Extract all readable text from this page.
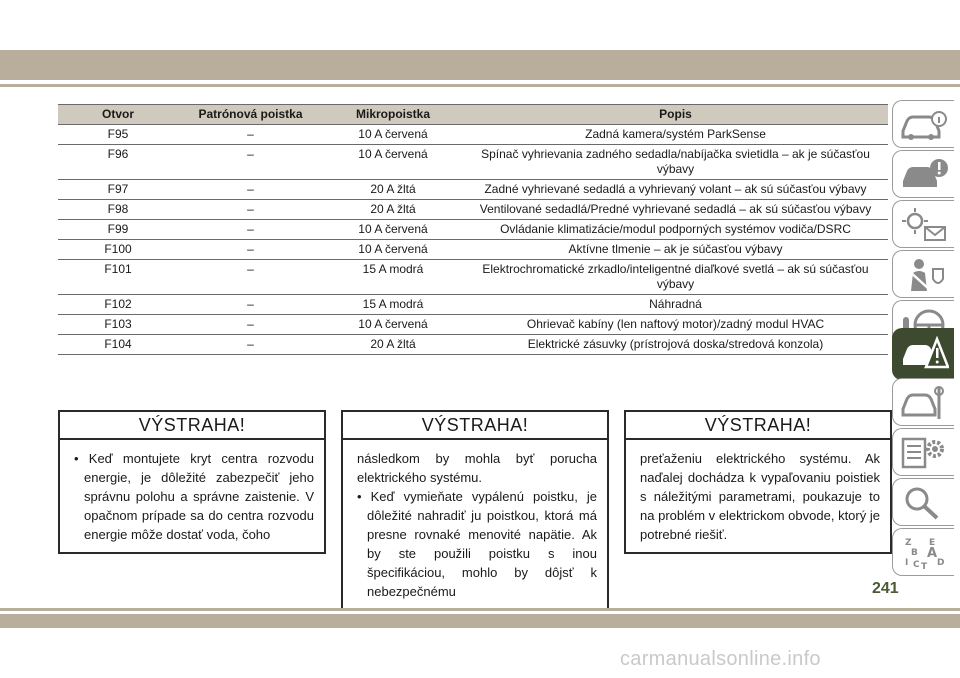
Otvor	Patrónová poistka	Mikropoistka	Popis
F95	–	10 A červená	Zadná kamera/systém ParkSense
F96	–	10 A červená	Spínač vyhrievania zadného sedadla/nabíjačka svietidla – ak je súčasťou výbavy
F97	–	20 A žltá	Zadné vyhrievané sedadlá a vyhrievaný volant – ak sú súčasťou výbavy
F98	–	20 A žltá	Ventilované sedadlá/Predné vyhrievané sedadlá – ak sú súčasťou výbavy
F99	–	10 A červená	Ovládanie klimatizácie/modul podporných systémov vodiča/DSRC
F100	–	10 A červená	Aktívne tlmenie – ak je súčasťou výbavy
F101	–	15 A modrá	Elektrochromatické zrkadlo/inteligentné diaľkové svetlá – ak sú súčasťou výbavy
F102	–	15 A modrá	Náhradná
F103	–	10 A červená	Ohrievač kabíny (len naftový motor)/zadný modul HVAC
F104	–	20 A žltá	Elektrické zásuvky (prístrojová doska/stredová konzola)
VÝSTRAHA!

• Keď montujete kryt centra rozvodu energie, je dôležité zabezpečiť jeho správnu polohu a správne zaistenie. V opačnom prípade sa do centra rozvodu energie môže dostať voda, čoho

VÝSTRAHA!

následkom by mohla byť porucha elektrického systému.

• Keď vymieňate vypálenú poistku, je dôležité nahradiť ju poistkou, ktorá má presne rovnaké menovité napätie. Ak by ste použili poistku s inou špecifikáciou, mohlo by dôjsť k nebezpečnému

VÝSTRAHA!

preťaženiu elektrického systému. Ak naďalej dochádza k vypaľovaniu poistiek s náležitými parametrami, poukazuje to na problém v elektrickom obvode, ktorý je potrebné riešiť.

Z E
B A
I C T D
241
carmanualsonline.info
